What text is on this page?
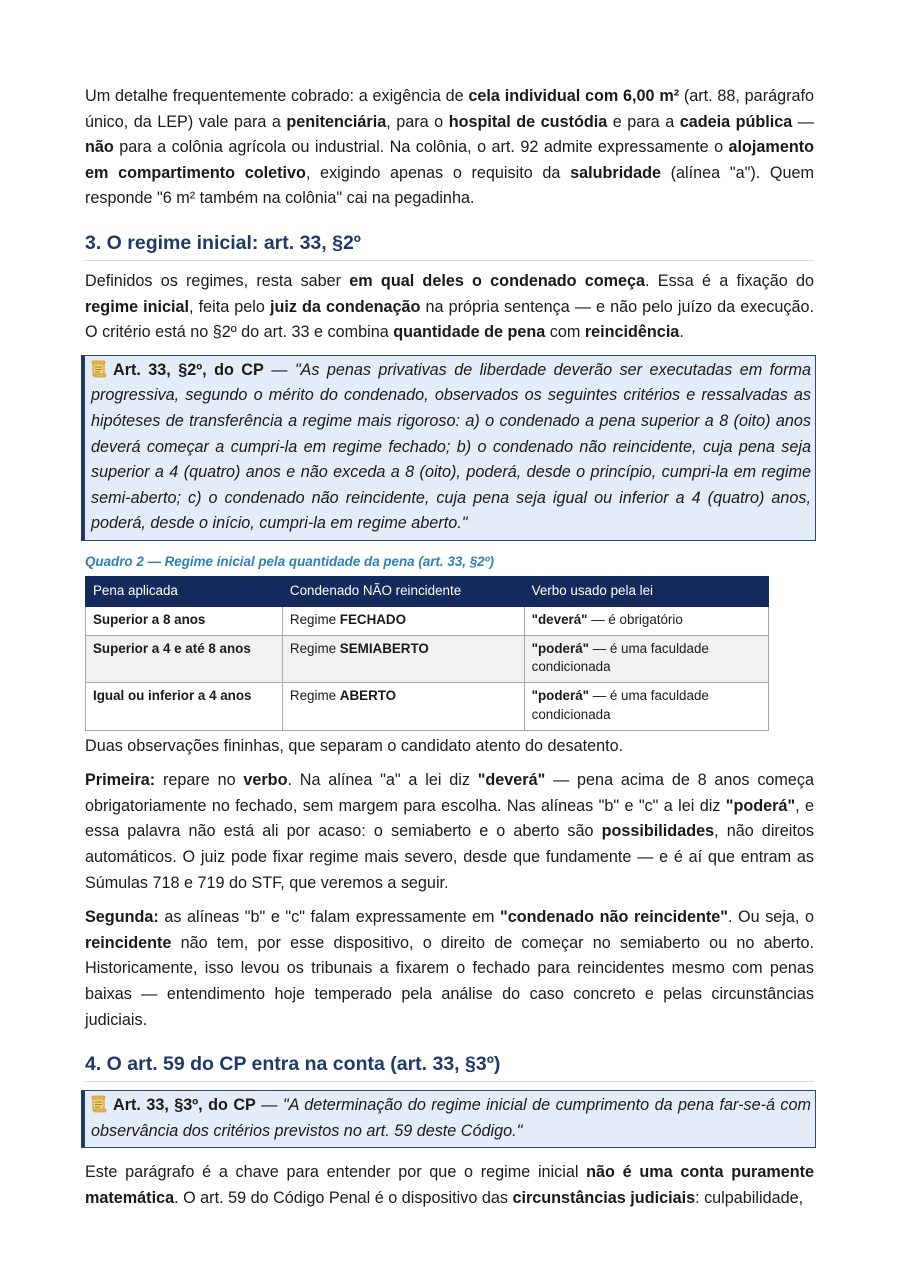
Um detalhe frequentemente cobrado: a exigência de cela individual com 6,00 m² (art. 88, parágrafo único, da LEP) vale para a penitenciária, para o hospital de custódia e para a cadeia pública — não para a colônia agrícola ou industrial. Na colônia, o art. 92 admite expressamente o alojamento em compartimento coletivo, exigindo apenas o requisito da salubridade (alínea "a"). Quem responde "6 m² também na colônia" cai na pegadinha.

3. O regime inicial: art. 33, §2º

Definidos os regimes, resta saber em qual deles o condenado começa. Essa é a fixação do regime inicial, feita pelo juiz da condenação na própria sentença — e não pelo juízo da execução. O critério está no §2º do art. 33 e combina quantidade de pena com reincidência.

Art. 33, §2º, do CP — "As penas privativas de liberdade deverão ser executadas em forma progressiva, segundo o mérito do condenado, observados os seguintes critérios e ressalvadas as hipóteses de transferência a regime mais rigoroso: a) o condenado a pena superior a 8 (oito) anos deverá começar a cumpri-la em regime fechado; b) o condenado não reincidente, cuja pena seja superior a 4 (quatro) anos e não exceda a 8 (oito), poderá, desde o princípio, cumpri-la em regime semi-aberto; c) o condenado não reincidente, cuja pena seja igual ou inferior a 4 (quatro) anos, poderá, desde o início, cumpri-la em regime aberto."
Quadro 2 — Regime inicial pela quantidade da pena (art. 33, §2º)
Pena aplicada	Condenado NÃO reincidente	Verbo usado pela lei
Superior a 8 anos	Regime FECHADO	"deverá" — é obrigatório
Superior a 4 e até 8 anos	Regime SEMIABERTO	"poderá" — é uma faculdade condicionada
Igual ou inferior a 4 anos	Regime ABERTO	"poderá" — é uma faculdade condicionada

Duas observações fininhas, que separam o candidato atento do desatento.

Primeira: repare no verbo. Na alínea "a" a lei diz "deverá" — pena acima de 8 anos começa obrigatoriamente no fechado, sem margem para escolha. Nas alíneas "b" e "c" a lei diz "poderá", e essa palavra não está ali por acaso: o semiaberto e o aberto são possibilidades, não direitos automáticos. O juiz pode fixar regime mais severo, desde que fundamente — e é aí que entram as Súmulas 718 e 719 do STF, que veremos a seguir.

Segunda: as alíneas "b" e "c" falam expressamente em "condenado não reincidente". Ou seja, o reincidente não tem, por esse dispositivo, o direito de começar no semiaberto ou no aberto. Historicamente, isso levou os tribunais a fixarem o fechado para reincidentes mesmo com penas baixas — entendimento hoje temperado pela análise do caso concreto e pelas circunstâncias judiciais.

4. O art. 59 do CP entra na conta (art. 33, §3º)
Art. 33, §3º, do CP — "A determinação do regime inicial de cumprimento da pena far-se-á com observância dos critérios previstos no art. 59 deste Código."

Este parágrafo é a chave para entender por que o regime inicial não é uma conta puramente matemática. O art. 59 do Código Penal é o dispositivo das circunstâncias judiciais: culpabilidade,
